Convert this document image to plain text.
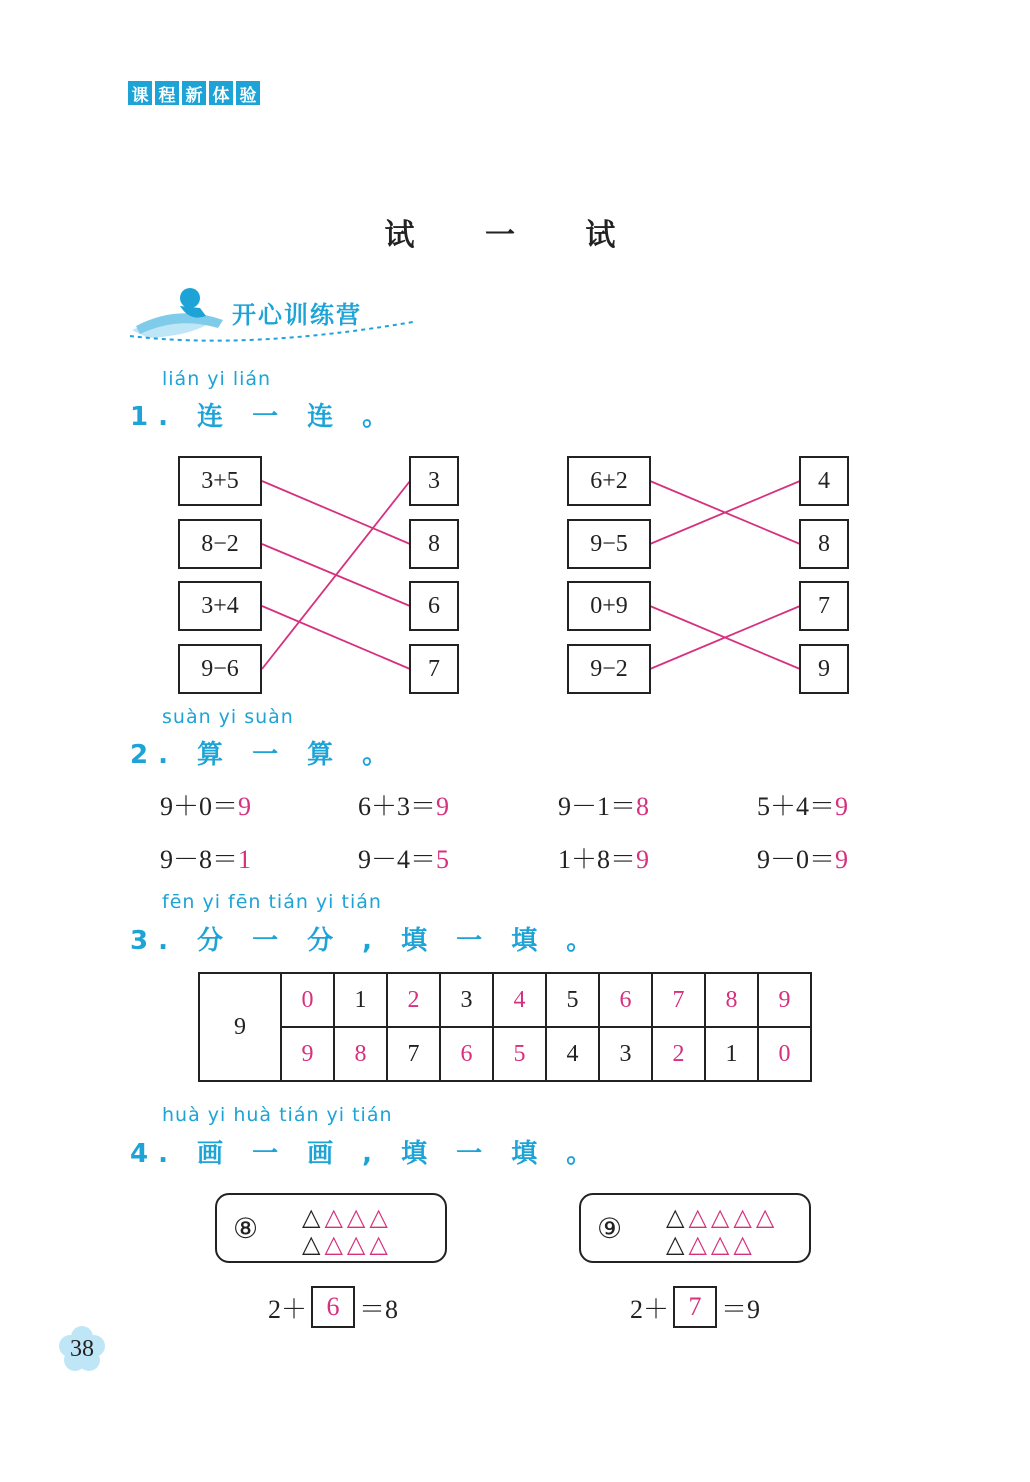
课 程 新 体 验
试 一 试
开心训练营
lián yi lián
1. 连 一 连 。
3+5
8−2
3+4
9−6
3
8
6
7
6+2
9−5
0+9
9−2
4
8
7
9
suàn yi suàn
2. 算 一 算 。
9＋0＝9	6＋3＝9	9－1＝8	5＋4＝9
9－8＝1	9－4＝5	1＋8＝9	9－0＝9
fēn yi fēn tián yi tián
3. 分 一 分 , 填 一 填 。
9	0	1	2	3	4	5	6	7	8	9
	9	8	7	6	5	4	3	2	1	0
huà yi huà tián yi tián
4. 画 一 画 , 填 一 填 。
⑧ △△△△
△△△△	⑨ △△△△△
△△△△
2＋ 6 ＝8	2＋ 7 ＝9
38
